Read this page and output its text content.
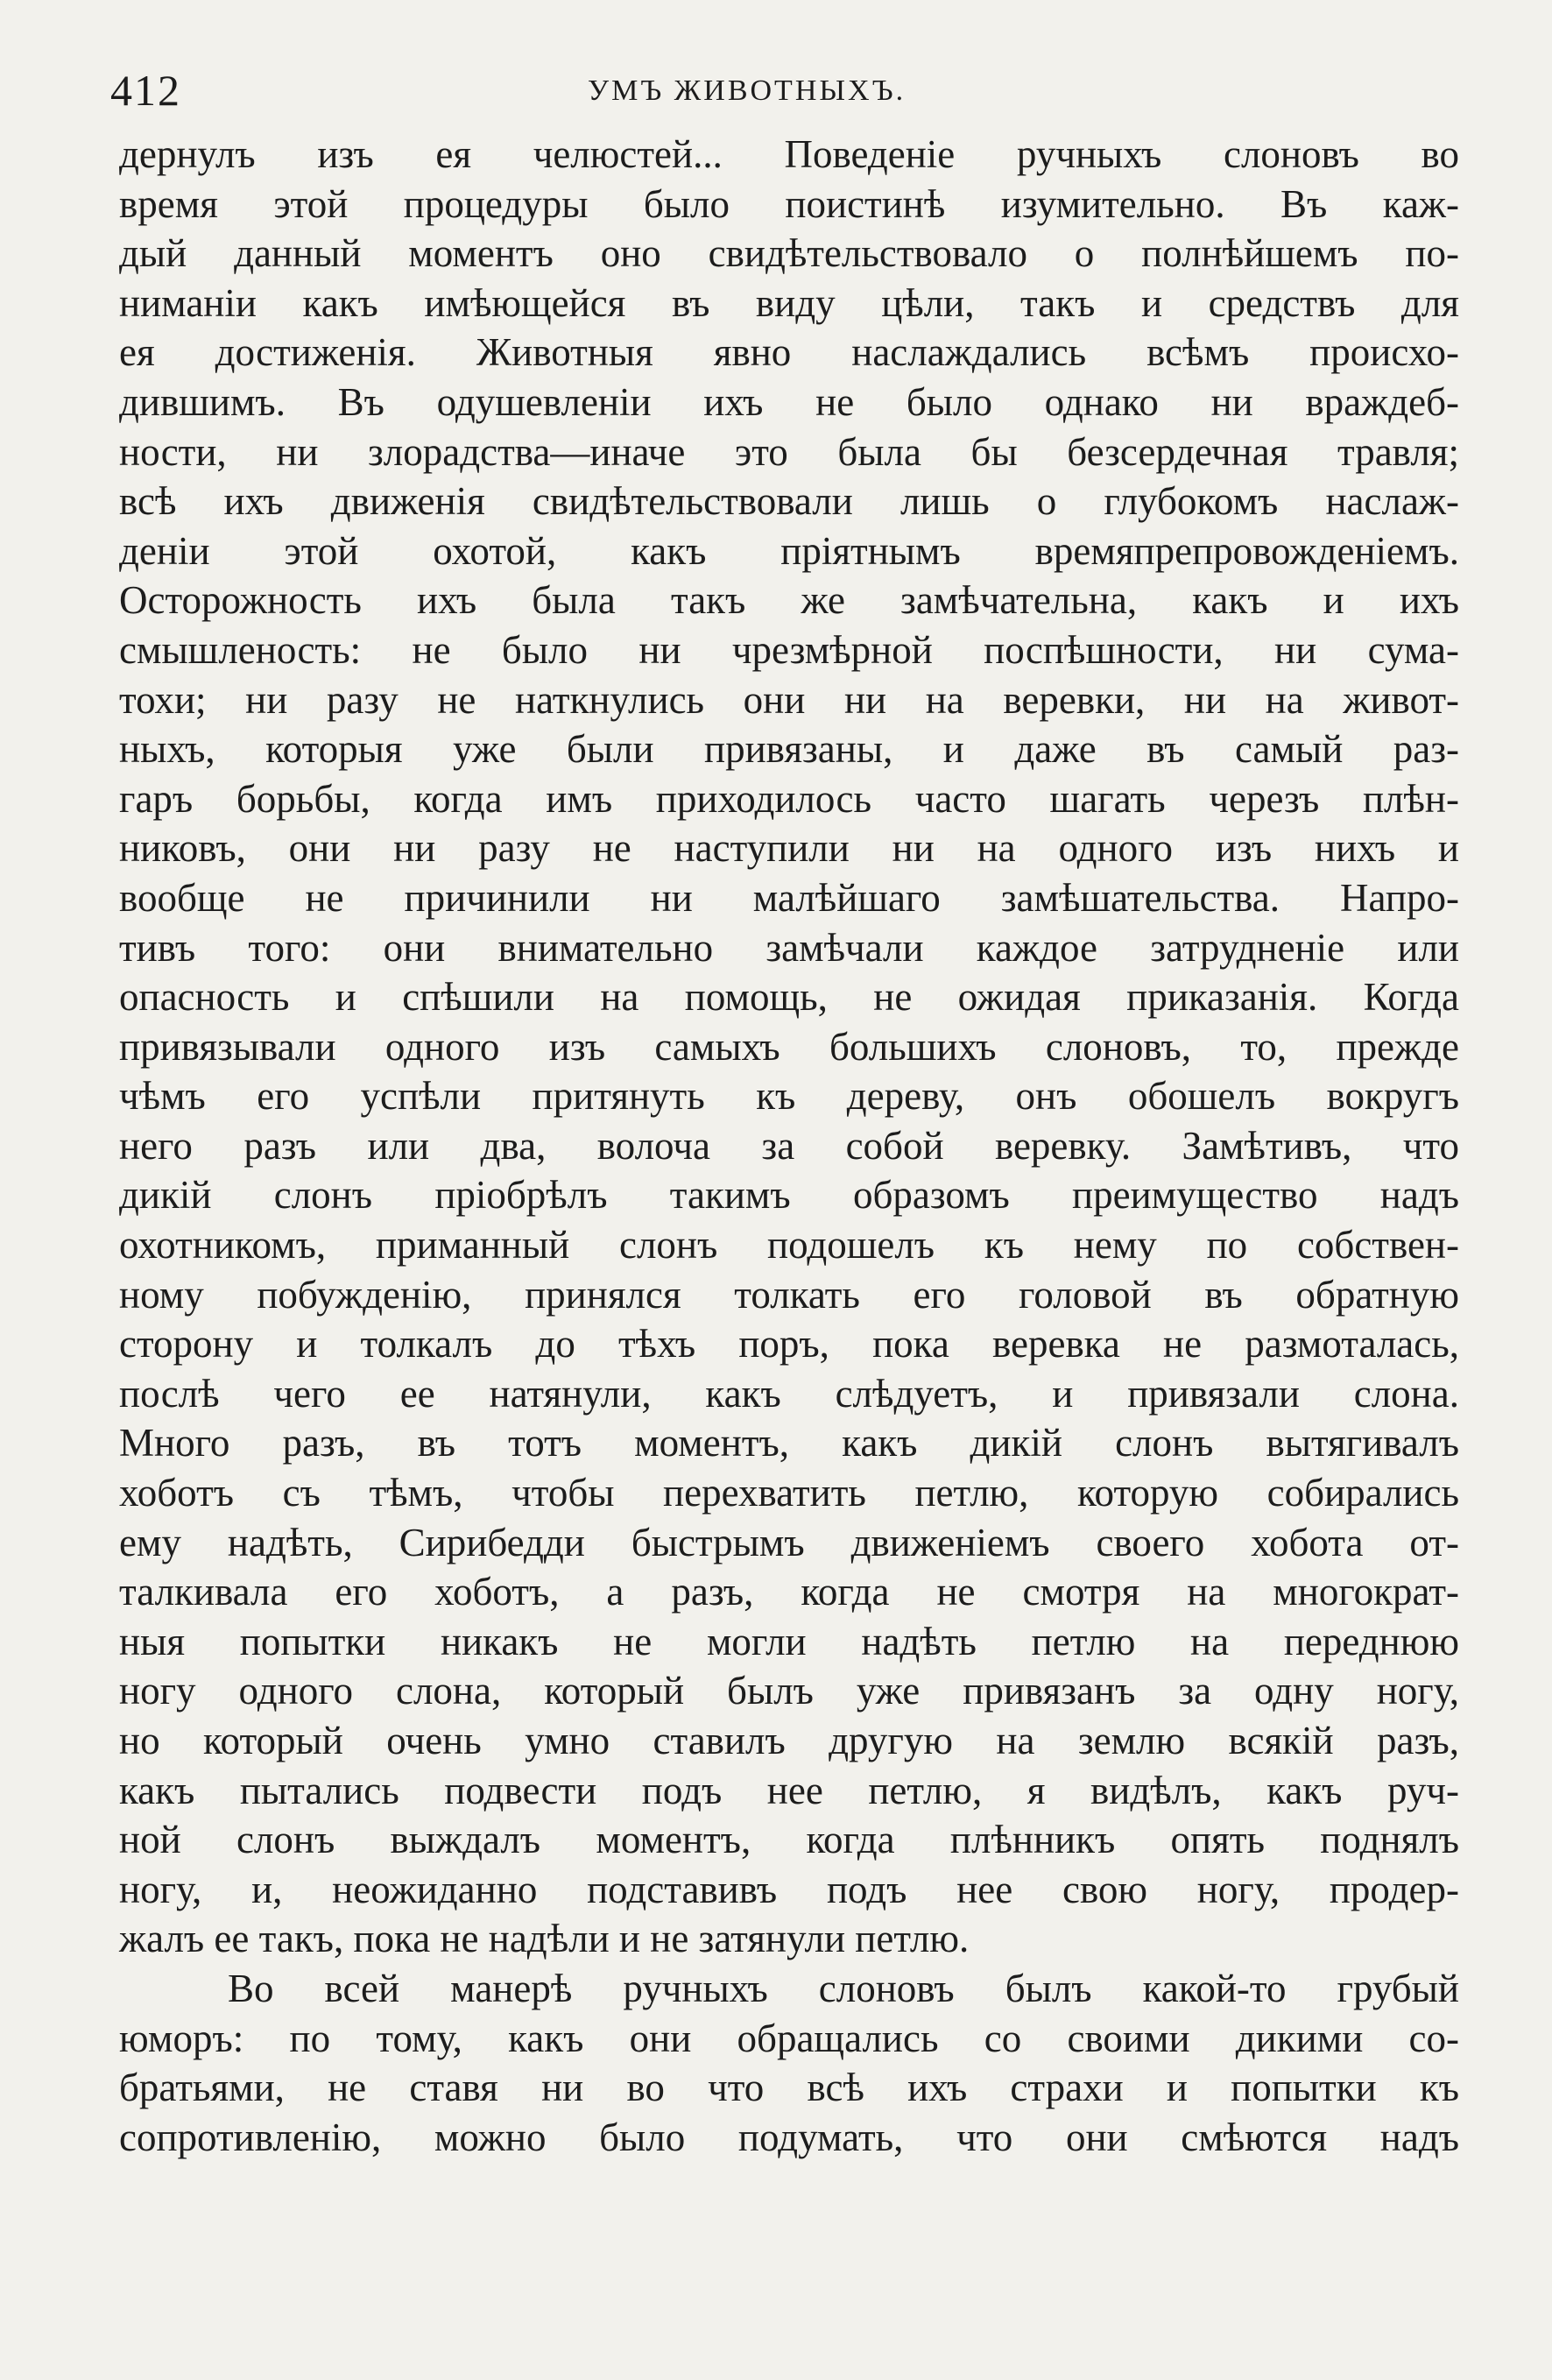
412	УМЪ ЖИВОТНЫХЪ.

дернулъ изъ ея челюстей... Поведеніе ручныхъ слоновъ во
время этой процедуры было поистинѣ изумительно. Въ каж-
дый данный моментъ оно свидѣтельствовало о полнѣйшемъ по-
ниманіи какъ имѣющейся въ виду цѣли, такъ и средствъ для
ея достиженія. Животныя явно наслаждались всѣмъ происхо-
дившимъ. Въ одушевленіи ихъ не было однако ни враждеб-
ности, ни злорадства—иначе это была бы безсердечная травля;
всѣ ихъ движенія свидѣтельствовали лишь о глубокомъ наслаж-
деніи этой охотой, какъ пріятнымъ времяпрепровожденіемъ.
Осторожность ихъ была такъ же замѣчательна, какъ и ихъ
смышленость: не было ни чрезмѣрной поспѣшности, ни сума-
тохи; ни разу не наткнулись они ни на веревки, ни на живот-
ныхъ, которыя уже были привязаны, и даже въ самый раз-
гаръ борьбы, когда имъ приходилось часто шагать черезъ плѣн-
никовъ, они ни разу не наступили ни на одного изъ нихъ и
вообще не причинили ни малѣйшаго замѣшательства. Напро-
тивъ того: они внимательно замѣчали каждое затрудненіе или
опасность и спѣшили на помощь, не ожидая приказанія. Когда
привязывали одного изъ самыхъ большихъ слоновъ, то, прежде
чѣмъ его успѣли притянуть къ дереву, онъ обошелъ вокругъ
него разъ или два, волоча за собой веревку. Замѣтивъ, что
дикій слонъ пріобрѣлъ такимъ образомъ преимущество надъ
охотникомъ, приманный слонъ подошелъ къ нему по собствен-
ному побужденію, принялся толкать его головой въ обратную
сторону и толкалъ до тѣхъ поръ, пока веревка не размоталась,
послѣ чего ее натянули, какъ слѣдуетъ, и привязали слона.
Много разъ, въ тотъ моментъ, какъ дикій слонъ вытягивалъ
хоботъ съ тѣмъ, чтобы перехватить петлю, которую собирались
ему надѣть, Сирибедди быстрымъ движеніемъ своего хобота от-
талкивала его хоботъ, а разъ, когда не смотря на многократ-
ныя попытки никакъ не могли надѣть петлю на переднюю
ногу одного слона, который былъ уже привязанъ за одну ногу,
но который очень умно ставилъ другую на землю всякій разъ,
какъ пытались подвести подъ нее петлю, я видѣлъ, какъ руч-
ной слонъ выждалъ моментъ, когда плѣнникъ опять поднялъ
ногу, и, неожиданно подставивъ подъ нее свою ногу, продер-
жалъ ее такъ, пока не надѣли и не затянули петлю.

Во всей манерѣ ручныхъ слоновъ былъ какой-то грубый
юморъ: по тому, какъ они обращались со своими дикими со-
братьями, не ставя ни во что всѣ ихъ страхи и попытки къ
сопротивленію, можно было подумать, что они смѣются надъ
